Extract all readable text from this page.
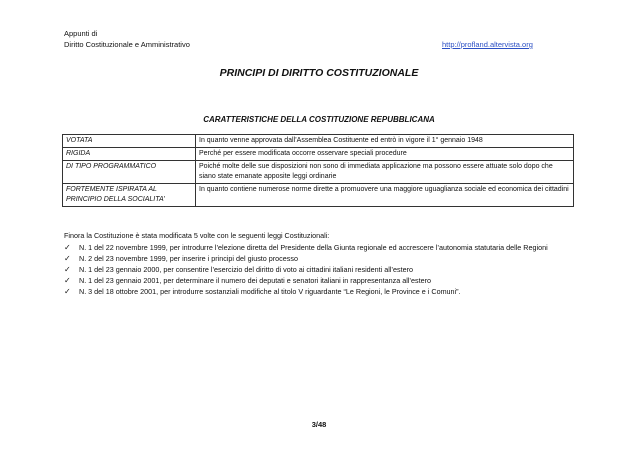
Appunti di
Diritto Costituzionale e Amministrativo	http://profland.altervista.org
PRINCIPI DI DIRITTO COSTITUZIONALE
CARATTERISTICHE DELLA COSTITUZIONE REPUBBLICANA
VOTATA	In quanto venne approvata dall’Assemblea Costituente ed entrò in vigore il 1° gennaio 1948
RIGIDA	Perché per essere modificata occorre osservare speciali procedure
DI TIPO PROGRAMMATICO	Poiché molte delle sue disposizioni non sono di immediata applicazione ma possono essere attuate solo dopo che siano state emanate apposite leggi ordinarie
FORTEMENTE ISPIRATA AL PRINCIPIO DELLA SOCIALITA’	In quanto contiene numerose norme dirette a promuovere una maggiore uguaglianza sociale ed economica dei cittadini
Finora la Costituzione è stata modificata 5 volte con le seguenti leggi Costituzionali:
✓ N. 1 del 22 novembre 1999, per introdurre l’elezione diretta del Presidente della Giunta regionale ed accrescere l’autonomia statutaria delle Regioni
✓ N. 2 del 23 novembre 1999, per inserire i principi del giusto processo
✓ N. 1 del 23 gennaio 2000, per consentire l’esercizio del diritto di voto ai cittadini italiani residenti all’estero
✓ N. 1 del 23 gennaio 2001, per determinare il numero dei deputati e senatori italiani in rappresentanza all’estero
✓ N. 3 del 18 ottobre 2001, per introdurre sostanziali modifiche al titolo V riguardante “Le Regioni, le Province e i Comuni”.
3/48
